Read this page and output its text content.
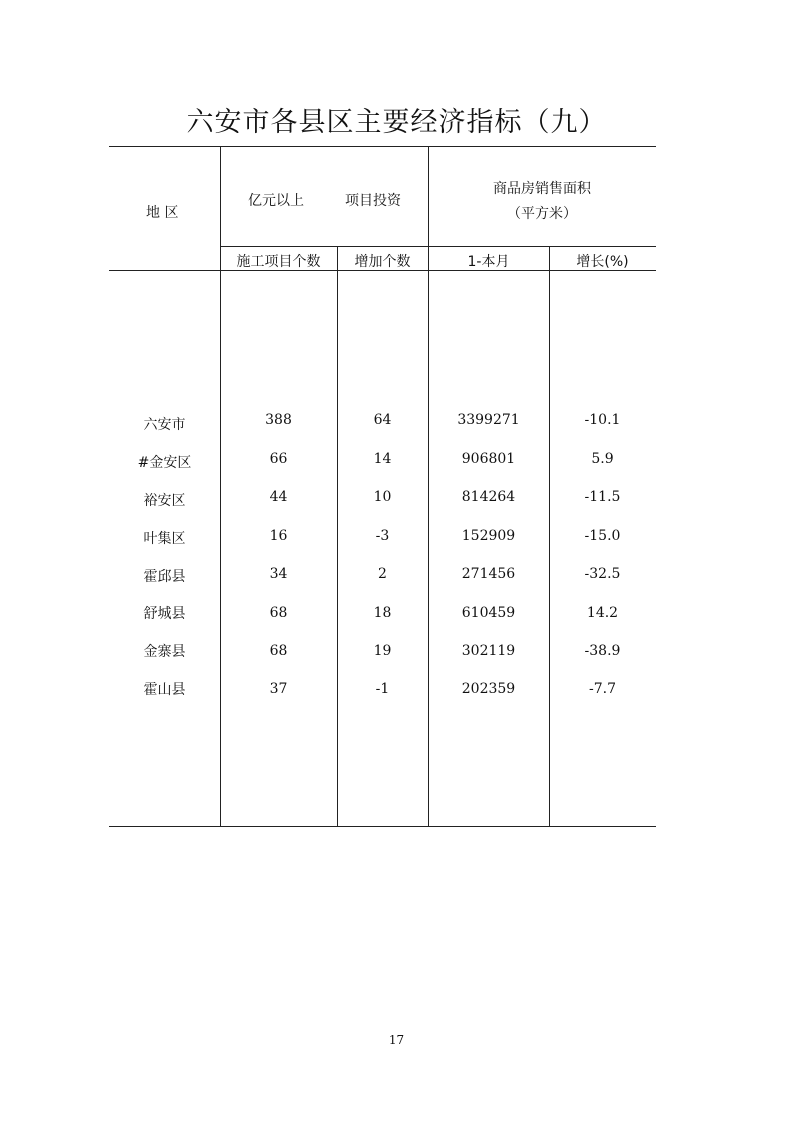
六安市各县区主要经济指标（九）
地 区
亿元以上	项目投资
商品房销售面积
（平方米）
施工项目个数	增加个数	1-本月	增长(%)
六安市	388	64	3399271	-10.1
#金安区	66	14	906801	5.9
裕安区	44	10	814264	-11.5
叶集区	16	-3	152909	-15.0
霍邱县	34	2	271456	-32.5
舒城县	68	18	610459	14.2
金寨县	68	19	302119	-38.9
霍山县	37	-1	202359	-7.7
17
